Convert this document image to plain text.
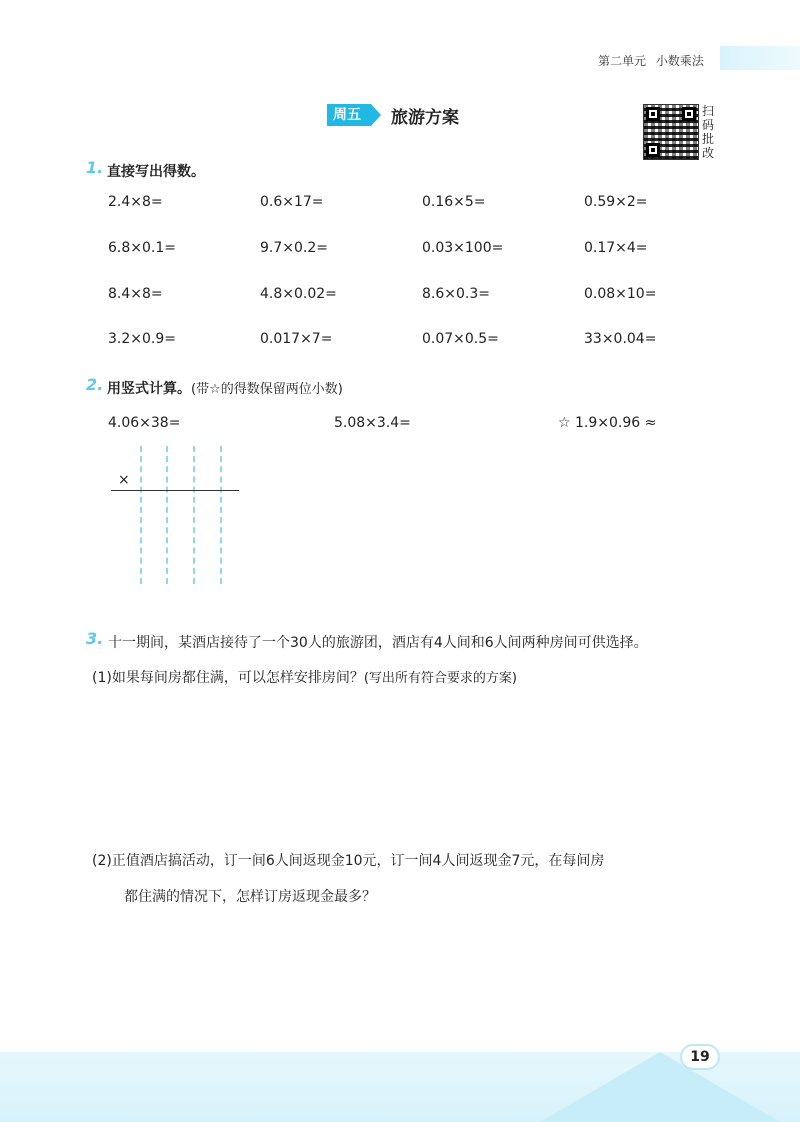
第二单元 小数乘法
周五	旅游方案	扫码批改
1. 直接写出得数。
2.4×8=	0.6×17=	0.16×5=	0.59×2=
6.8×0.1=	9.7×0.2=	0.03×100=	0.17×4=
8.4×8=	4.8×0.02=	8.6×0.3=	0.08×10=
3.2×0.9=	0.017×7=	0.07×0.5=	33×0.04=
2. 用竖式计算。(带☆的得数保留两位小数)
4.06×38=	5.08×3.4=	☆ 1.9×0.96 ≈
×
3. 十一期间，某酒店接待了一个30人的旅游团，酒店有4人间和6人间两种房间可供选择。
(1)如果每间房都住满，可以怎样安排房间？(写出所有符合要求的方案)
(2)正值酒店搞活动，订一间6人间返现金10元，订一间4人间返现金7元，在每间房
都住满的情况下，怎样订房返现金最多？
19
